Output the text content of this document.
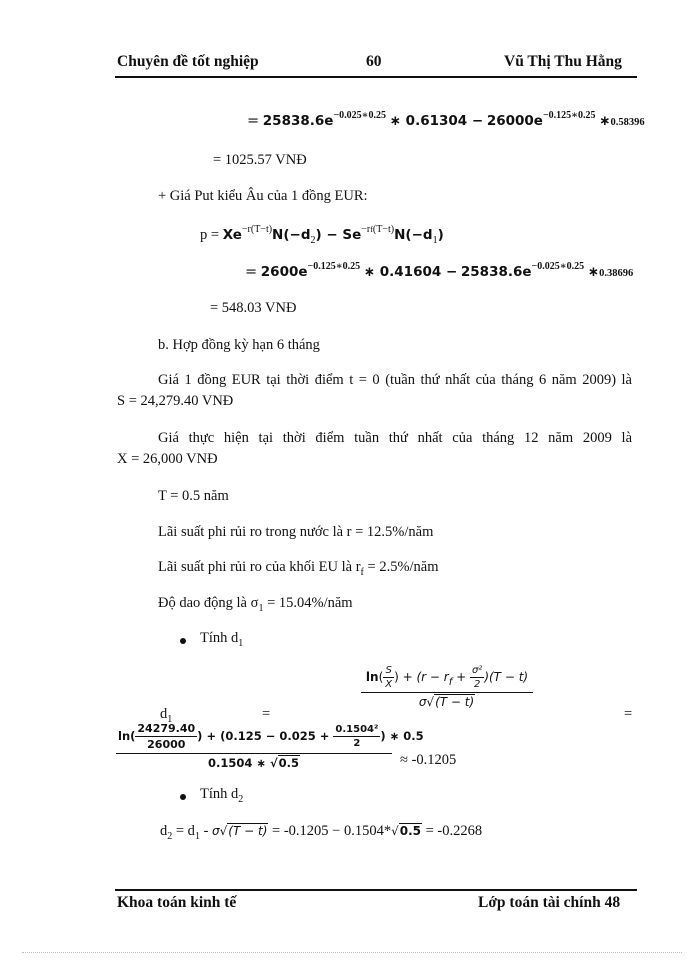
Chuyên đề tốt nghiệp	60	Vũ Thị Thu Hằng
= $25838.6e^{-0.025∗0.25}$ ∗ $0.61304 - 26000e^{-0.125∗0.25}$ ∗0.58396
= 1025.57 VNĐ
+ Giá Put kiểu Âu của 1 đồng EUR:
$p = Xe^{-r(T-t)}N(-d_2) - Se^{-rf(T-t)}N(-d_1)$
= $2600e^{-0.125∗0.25}$ ∗ $0.41604 - 25838.6e^{-0.025∗0.25}$ ∗0.38696
= 548.03 VNĐ
b. Hợp đồng kỳ hạn 6 tháng
Giá 1 đồng EUR tại thời điểm t = 0 (tuần thứ nhất của tháng 6 năm 2009) là
S = 24,279.40 VNĐ
Giá thực hiện tại thời điểm tuần thứ nhất của tháng 12 năm 2009 là
X = 26,000 VNĐ
T = 0.5 năm
Lãi suất phi rủi ro trong nước là r = 12.5%/năm
Lãi suất phi rủi ro của khối EU là $r_f$ = 2.5%/năm
Độ dao động là $\sigma_1$ = 15.04%/năm
Tính $d_1$
$\ln( \frac{S}{X}$ ) + $(r - r_f + \frac{\text{σ²}}{2} )(T - t)$
σ√(T − t)
$d_1$	=	=
$\ln( \frac{24279.40}{26000}$ ) + ($0.125 - 0.025 + \frac{\text{0.1504²}}{2}$ ) ∗ 0.5
0.1504 ∗ √0.5	≈ -0.1205
Tính $d_2$
$d_2 = d_1 - \sigma√(T - t) = -0.1205 - 0.1504*√0.5 = -0.2268$
Khoa toán kinh tế	Lớp toán tài chính 48
